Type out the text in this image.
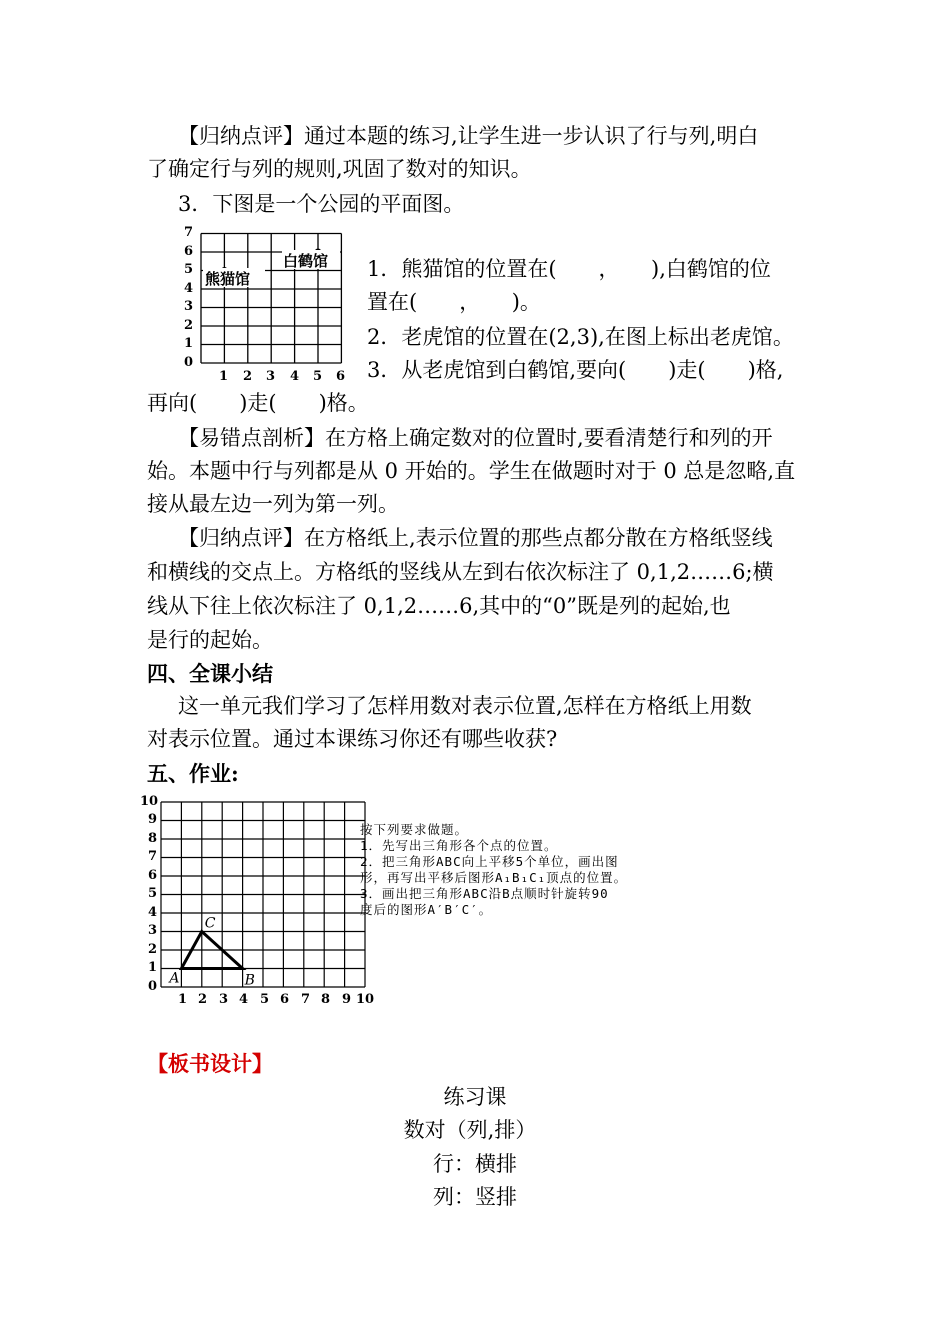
【归纳点评】通过本题的练习,让学生进一步认识了行与列,明白
了确定行与列的规则,巩固了数对的知识。
3．下图是一个公园的平面图。
7
6
5
4
3
2
1
0
1 2 3 4 5 6
熊猫馆
白鹤馆 1．熊猫馆的位置在(　　，　　),白鹤馆的位
置在(　　，　　)。
2．老虎馆的位置在(2,3),在图上标出老虎馆。
3．从老虎馆到白鹤馆,要向(　　)走(　　)格,
再向(　　)走(　　)格。
【易错点剖析】在方格上确定数对的位置时,要看清楚行和列的开
始。本题中行与列都是从 0 开始的。学生在做题时对于 0 总是忽略,直
接从最左边一列为第一列。
【归纳点评】在方格纸上,表示位置的那些点都分散在方格纸竖线
和横线的交点上。方格纸的竖线从左到右依次标注了 0,1,2……6;横
线从下往上依次标注了 0,1,2……6,其中的“0”既是列的起始,也
是行的起始。
四、全课小结
这一单元我们学习了怎样用数对表示位置,怎样在方格纸上用数
对表示位置。通过本课练习你还有哪些收获?
五、作业:
10
9
8
7
6
5
4
3
2
1
0
1 2 3 4 5 6 7 8 9 10
A
C
B
按下列要求做题。
1．先写出三角形各个点的位置。
2．把三角形ABC向上平移5个单位，画出图
形，再写出平移后图形A₁B₁C₁顶点的位置。
3．画出把三角形ABC沿B点顺时针旋转90
度后的图形A′B′C′。
【板书设计】
练习课
数对（列,排）
行：横排
列：竖排
